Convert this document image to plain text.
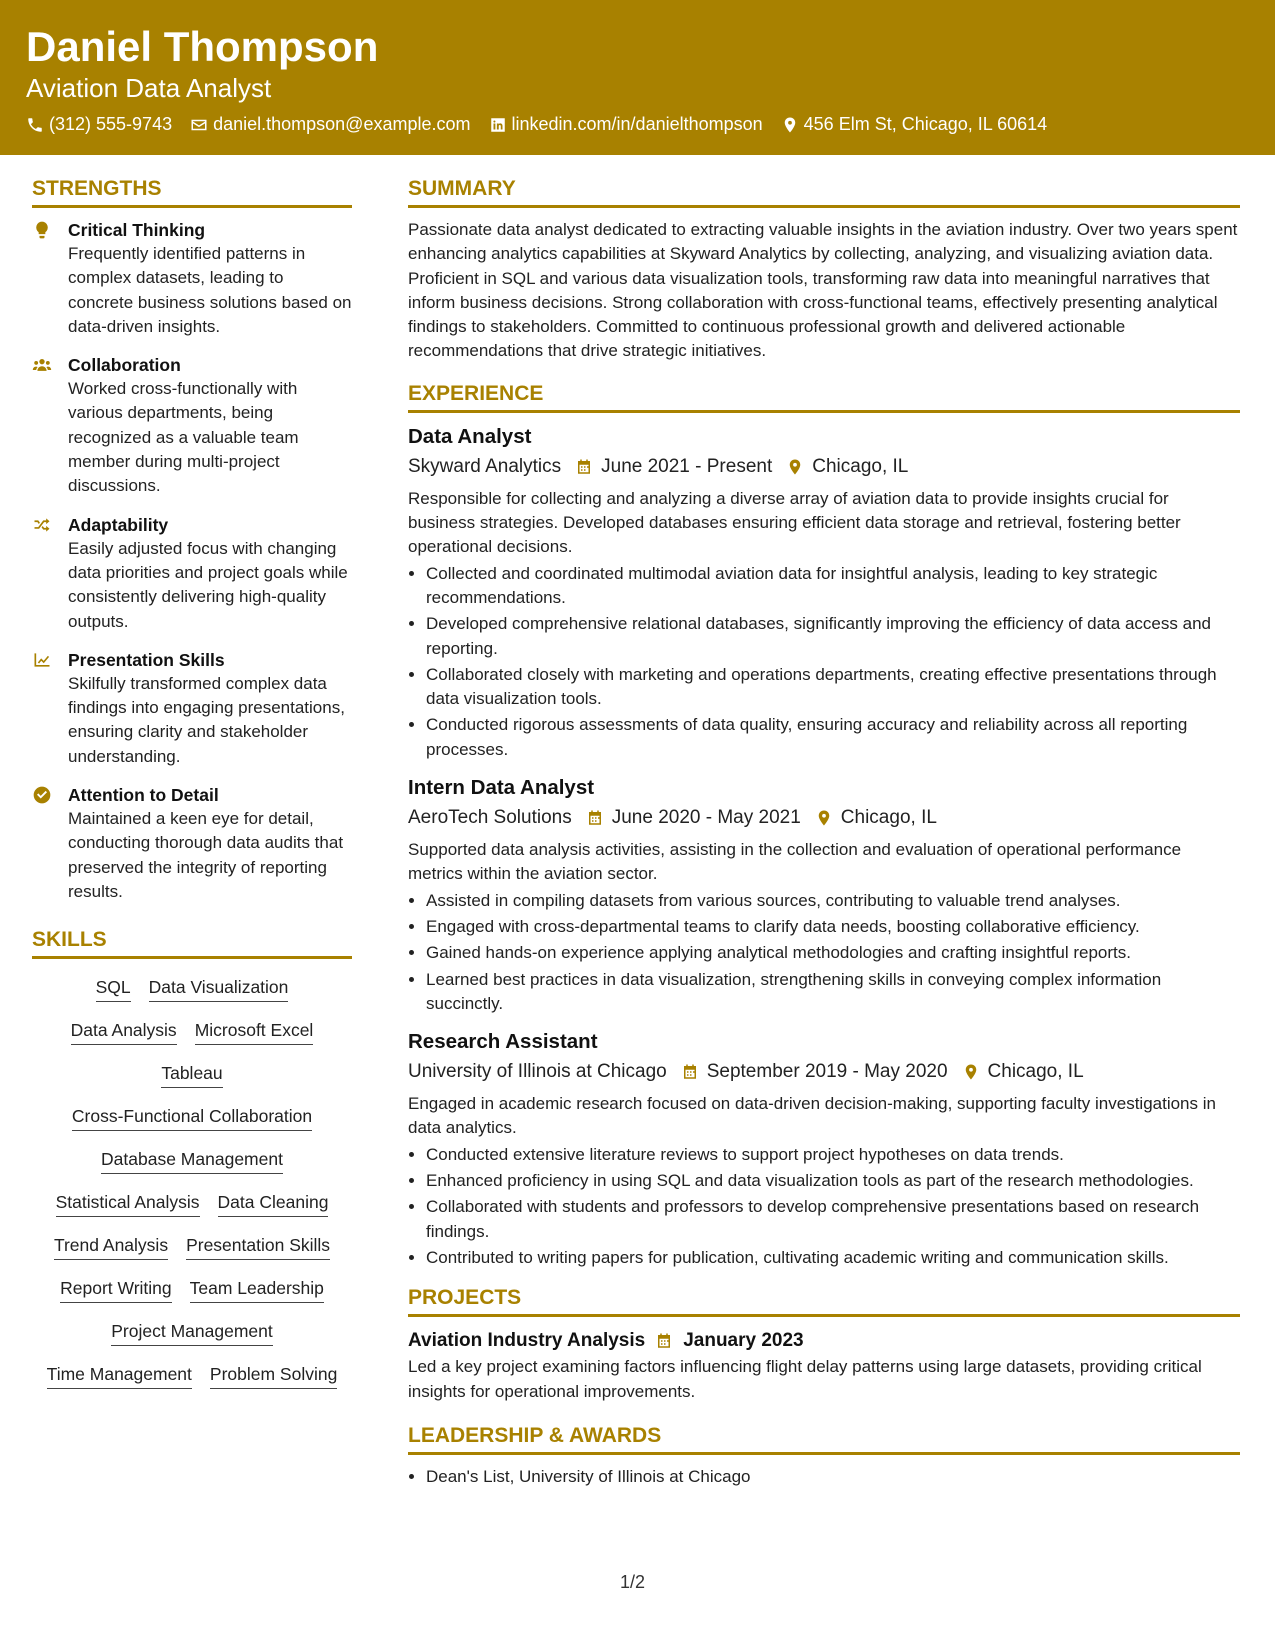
Daniel Thompson
Aviation Data Analyst
(312) 555-9743 daniel.thompson@example.com linkedin.com/in/danielthompson 456 Elm St, Chicago, IL 60614
STRENGTHS
Critical Thinking
Frequently identified patterns in complex datasets, leading to concrete business solutions based on data-driven insights.
Collaboration
Worked cross-functionally with various departments, being recognized as a valuable team member during multi-project discussions.
Adaptability
Easily adjusted focus with changing data priorities and project goals while consistently delivering high-quality outputs.
Presentation Skills
Skilfully transformed complex data findings into engaging presentations, ensuring clarity and stakeholder understanding.
Attention to Detail
Maintained a keen eye for detail, conducting thorough data audits that preserved the integrity of reporting results.
SKILLS
SQL Data Visualization
Data Analysis Microsoft Excel
Tableau
Cross-Functional Collaboration
Database Management
Statistical Analysis Data Cleaning
Trend Analysis Presentation Skills
Report Writing Team Leadership
Project Management
Time Management Problem Solving
SUMMARY
Passionate data analyst dedicated to extracting valuable insights in the aviation industry. Over two years spent enhancing analytics capabilities at Skyward Analytics by collecting, analyzing, and visualizing aviation data. Proficient in SQL and various data visualization tools, transforming raw data into meaningful narratives that inform business decisions. Strong collaboration with cross-functional teams, effectively presenting analytical findings to stakeholders. Committed to continuous professional growth and delivered actionable recommendations that drive strategic initiatives.
EXPERIENCE
Data Analyst
Skyward Analytics June 2021 - Present Chicago, IL
Responsible for collecting and analyzing a diverse array of aviation data to provide insights crucial for business strategies. Developed databases ensuring efficient data storage and retrieval, fostering better operational decisions.
• Collected and coordinated multimodal aviation data for insightful analysis, leading to key strategic recommendations.
• Developed comprehensive relational databases, significantly improving the efficiency of data access and reporting.
• Collaborated closely with marketing and operations departments, creating effective presentations through data visualization tools.
• Conducted rigorous assessments of data quality, ensuring accuracy and reliability across all reporting processes.
Intern Data Analyst
AeroTech Solutions June 2020 - May 2021 Chicago, IL
Supported data analysis activities, assisting in the collection and evaluation of operational performance metrics within the aviation sector.
• Assisted in compiling datasets from various sources, contributing to valuable trend analyses.
• Engaged with cross-departmental teams to clarify data needs, boosting collaborative efficiency.
• Gained hands-on experience applying analytical methodologies and crafting insightful reports.
• Learned best practices in data visualization, strengthening skills in conveying complex information succinctly.
Research Assistant
University of Illinois at Chicago September 2019 - May 2020 Chicago, IL
Engaged in academic research focused on data-driven decision-making, supporting faculty investigations in data analytics.
• Conducted extensive literature reviews to support project hypotheses on data trends.
• Enhanced proficiency in using SQL and data visualization tools as part of the research methodologies.
• Collaborated with students and professors to develop comprehensive presentations based on research findings.
• Contributed to writing papers for publication, cultivating academic writing and communication skills.
PROJECTS
Aviation Industry Analysis January 2023
Led a key project examining factors influencing flight delay patterns using large datasets, providing critical insights for operational improvements.
LEADERSHIP & AWARDS
• Dean's List, University of Illinois at Chicago
1/2
